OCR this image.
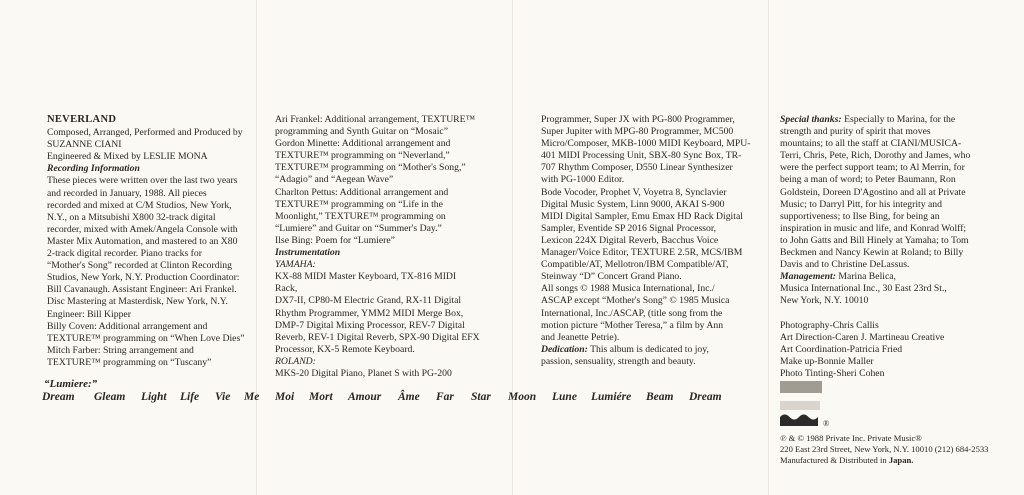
NEVERLAND

Composed, Arranged, Performed and Produced by

SUZANNE CIANI

Engineered & Mixed by LESLIE MONA

Recording Information

These pieces were written over the last two years

and recorded in January, 1988. All pieces

recorded and mixed at C/M Studios, New York,

N.Y., on a Mitsubishi X800 32-track digital

recorder, mixed with Amek/Angela Console with

Master Mix Automation, and mastered to an X80

2-track digital recorder. Piano tracks for

“Mother's Song” recorded at Clinton Recording

Studios, New York, N.Y. Production Coordinator:

Bill Cavanaugh. Assistant Engineer: Ari Frankel.

Disc Mastering at Masterdisk, New York, N.Y.

Engineer: Bill Kipper

Billy Coven: Additional arrangement and

TEXTURE™ programming on “When Love Dies”

Mitch Farber: String arrangement and

TEXTURE™ programming on “Tuscany”

Ari Frankel: Additional arrangement, TEXTURE™

programming and Synth Guitar on “Mosaic”

Gordon Minette: Additional arrangement and

TEXTURE™ programming on “Neverland,”

TEXTURE™ programming on “Mother's Song,”

“Adagio” and “Aegean Wave”

Charlton Pettus: Additional arrangement and

TEXTURE™ programming on “Life in the

Moonlight,” TEXTURE™ programming on

“Lumiere” and Guitar on “Summer's Day.”

Ilse Bing: Poem for “Lumiere”

Instrumentation

YAMAHA:

KX-88 MIDI Master Keyboard, TX-816 MIDI Rack,

DX7-II, CP80-M Electric Grand, RX-11 Digital

Rhythm Programmer, YMM2 MIDI Merge Box,

DMP-7 Digital Mixing Processor, REV-7 Digital

Reverb, REV-1 Digital Reverb, SPX-90 Digital EFX

Processor, KX-5 Remote Keyboard.

ROLAND:

MKS-20 Digital Piano, Planet S with PG-200

Programmer, Super JX with PG-800 Programmer,

Super Jupiter with MPG-80 Programmer, MC500

Micro/Composer, MKB-1000 MIDI Keyboard, MPU-

401 MIDI Processing Unit, SBX-80 Sync Box, TR-

707 Rhythm Composer, D550 Linear Synthesizer

with PG-1000 Editor.

Bode Vocoder, Prophet V, Voyetra 8, Synclavier

Digital Music System, Linn 9000, AKAI S-900

MIDI Digital Sampler, Emu Emax HD Rack Digital

Sampler, Eventide SP 2016 Signal Processor,

Lexicon 224X Digital Reverb, Bacchus Voice

Manager/Voice Editor, TEXTURE 2.5R, MCS/IBM

Compatible/AT, Mellotron/IBM Compatible/AT,

Steinway “D” Concert Grand Piano.

All songs © 1988 Musica International, Inc./

ASCAP except “Mother's Song” © 1985 Musica

International, Inc./ASCAP, (title song from the

motion picture “Mother Teresa,” a film by Ann

and Jeanette Petrie).

Dedication: This album is dedicated to joy,

passion, sensuality, strength and beauty.

Special thanks: Especially to Marina, for the

strength and purity of spirit that moves

mountains; to all the staff at CIANI/MUSICA-

Terri, Chris, Pete, Rich, Dorothy and James, who

were the perfect support team; to Al Merrin, for

being a man of word; to Peter Baumann, Ron

Goldstein, Doreen D'Agostino and all at Private

Music; to Darryl Pitt, for his integrity and

supportiveness; to Ilse Bing, for being an

inspiration in music and life, and Konrad Wolff;

to John Gatts and Bill Hinely at Yamaha; to Tom

Beckmen and Nancy Kewin at Roland; to Billy

Davis and to Christine DeLassus.

Management: Marina Belica,

Musica International Inc., 30 East 23rd St.,

New York, N.Y. 10010

Photography-Chris Callis

Art Direction-Caren J. Martineau Creative

Art Coordination-Patricia Fried

Make up-Bonnie Maller

Photo Tinting-Sheri Cohen

“Lumiere:”
Dream Gleam Light Life Vie Me Moi Mort Amour Âme Far Star Moon Lune Lumiére Beam Dream
®

℗ & © 1988 Private Inc. Private Music®

220 East 23rd Street, New York, N.Y. 10010 (212) 684-2533

Manufactured & Distributed in Japan.
